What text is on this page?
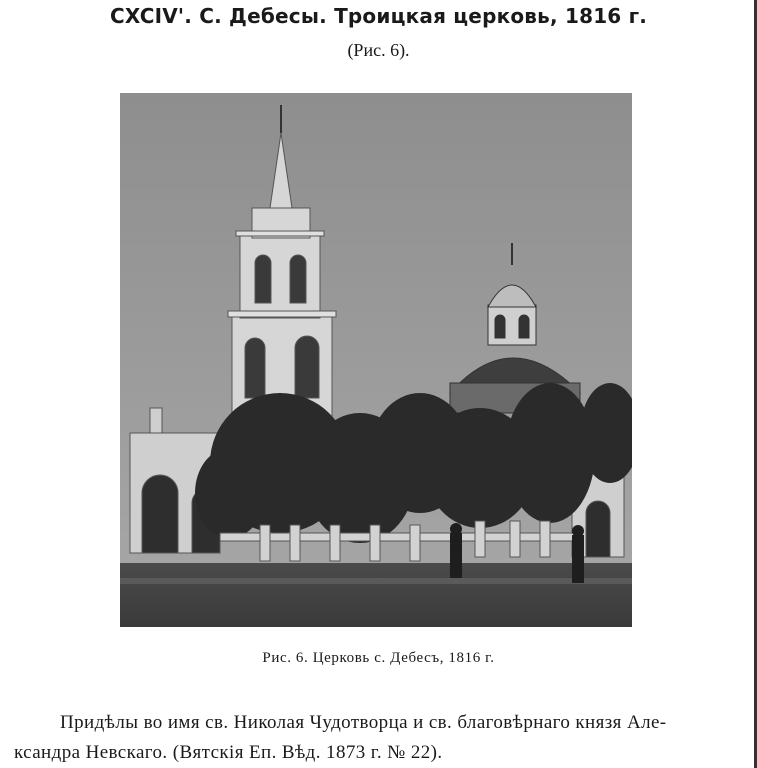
CXCIV'. С. Дебесы. Троицкая церковь, 1816 г.
(Рис. 6).
Рис. 6. Церковь с. Дебесъ, 1816 г.
Придѣлы во имя св. Николая Чудотворца и св. благовѣрнаго князя Але-
ксандра Невскаго. (Вятскія Еп. Вѣд. 1873 г. № 22).
